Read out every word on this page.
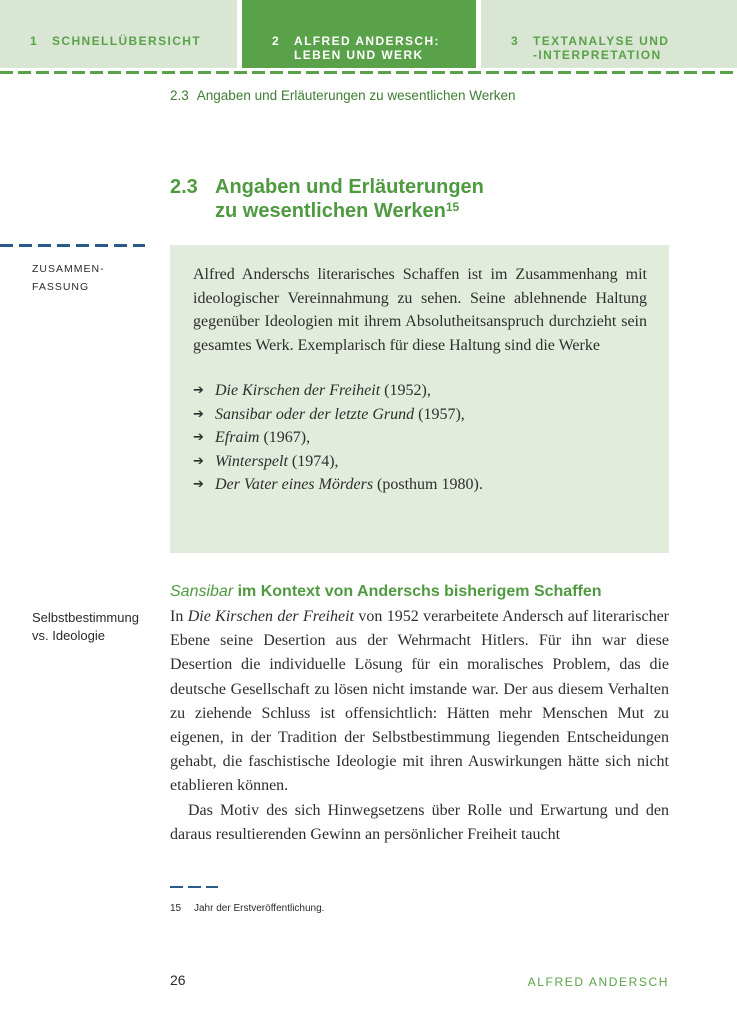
1 SCHNELLÜBERSICHT	2	ALFRED ANDERSCH:
LEBEN UND WERK
3	TEXTANALYSE UND
-INTERPRETATION
2.3 Angaben und Erläuterungen zu wesentlichen Werken
2.3 Angaben und Erläuterungen
zu wesentlichen Werken$^{15}$
ZUSAMMEN-
FASSUNG

Alfred Anderschs literarisches Schaffen ist im Zusammenhang mit ideologischer Vereinnahmung zu sehen. Seine ablehnende Haltung gegenüber Ideologien mit ihrem Absolutheitsanspruch durchzieht sein gesamtes Werk. Exemplarisch für diese Haltung sind die Werke

➔ Die Kirschen der Freiheit (1952),
➔ Sansibar oder der letzte Grund (1957),
➔ Efraim (1967),
➔ Winterspelt (1974),
➔ Der Vater eines Mörders (posthum 1980).
Sansibar im Kontext von Anderschs bisherigem Schaffen
Selbstbestimmung
vs. Ideologie

In Die Kirschen der Freiheit von 1952 verarbeitete Andersch auf literarischer Ebene seine Desertion aus der Wehrmacht Hitlers. Für ihn war diese Desertion die individuelle Lösung für ein moralisches Problem, das die deutsche Gesellschaft zu lösen nicht imstande war. Der aus diesem Verhalten zu ziehende Schluss ist offensichtlich: Hätten mehr Menschen Mut zu eigenen, in der Tradition der Selbstbestimmung liegenden Entscheidungen gehabt, die faschistische Ideologie mit ihren Auswirkungen hätte sich nicht etablieren können.

Das Motiv des sich Hinwegsetzens über Rolle und Erwartung und den daraus resultierenden Gewinn an persönlicher Freiheit taucht

15 Jahr der Erstveröffentlichung.
26	ALFRED ANDERSCH
